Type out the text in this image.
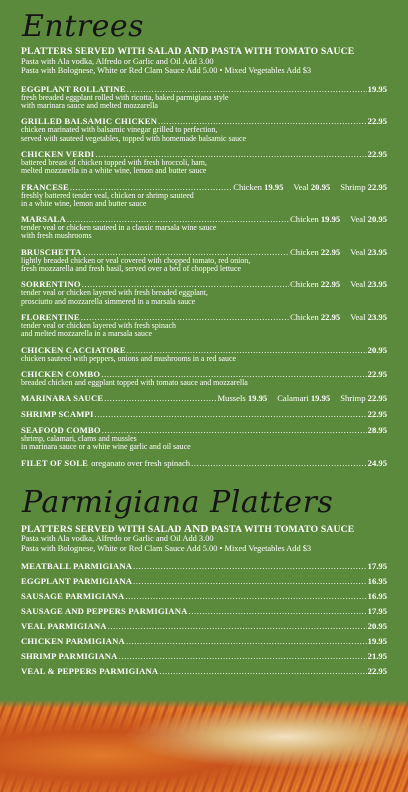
Entrees
PLATTERS SERVED WITH SALAD AND PASTA WITH TOMATO SAUCE
Pasta with Ala vodka, Alfredo or Garlic and Oil Add 3.00
Pasta with Bolognese, White or Red Clam Sauce Add 5.00 • Mixed Vegetables Add $3
EGGPLANT ROLLATINE .....	19.95
fresh breaded eggplant rolled with ricotta, baked parmigiana style
with marinara sauce and melted mozzarella
GRILLED BALSAMIC CHICKEN .....	22.95
chicken marinated with balsamic vinegar grilled to perfection,
served with sauteed vegetables, topped with homemade balsamic sauce
CHICKEN VERDI .....	22.95
battered breast of chicken topped with fresh broccoli, ham,
melted mozzarella in a white wine, lemon and butter sauce
FRANCESE .....	Chicken 19.95 Veal 20.95 Shrimp 22.95
freshly battered tender veal, chicken or shrimp sauteed
in a white wine, lemon and butter sauce
MARSALA .....	Chicken 19.95 Veal 20.95
tender veal or chicken sauteed in a classic marsala wine sauce
with fresh mushrooms
BRUSCHETTA .....	Chicken 22.95 Veal 23.95
lightly breaded chicken or veal covered with chopped tomato, red onion,
fresh mozzarella and fresh basil, served over a bed of chopped lettuce
SORRENTINO .....	Chicken 22.95 Veal 23.95
tender veal or chicken layered with fresh breaded eggplant,
prosciutto and mozzarella simmered in a marsala sauce
FLORENTINE .....	Chicken 22.95 Veal 23.95
tender veal or chicken layered with fresh spinach
and melted mozzarella in a marsala sauce
CHICKEN CACCIATORE .....	20.95
chicken sauteed with peppers, onions and mushrooms in a red sauce
CHICKEN COMBO .....	22.95
breaded chicken and eggplant topped with tomato sauce and mozzarella
MARINARA SAUCE .....	Mussels 19.95 Calamari 19.95 Shrimp 22.95
SHRIMP SCAMPI .....	22.95
SEAFOOD COMBO .....	28.95
shrimp, calamari, clams and mussles
in marinara sauce or a white wine garlic and oil sauce
FILET OF SOLE oreganato over fresh spinach .....	24.95
Parmigiana Platters
PLATTERS SERVED WITH SALAD AND PASTA WITH TOMATO SAUCE
Pasta with Ala vodka, Alfredo or Garlic and Oil Add 3.00
Pasta with Bolognese, White or Red Clam Sauce Add 5.00 • Mixed Vegetables Add $3
MEATBALL PARMIGIANA .....	17.95
EGGPLANT PARMIGIANA .....	16.95
SAUSAGE PARMIGIANA .....	16.95
SAUSAGE AND PEPPERS PARMIGIANA .....	17.95
VEAL PARMIGIANA .....	20.95
CHICKEN PARMIGIANA .....	19.95
SHRIMP PARMIGIANA .....	21.95
VEAL & PEPPERS PARMIGIANA .....	22.95
